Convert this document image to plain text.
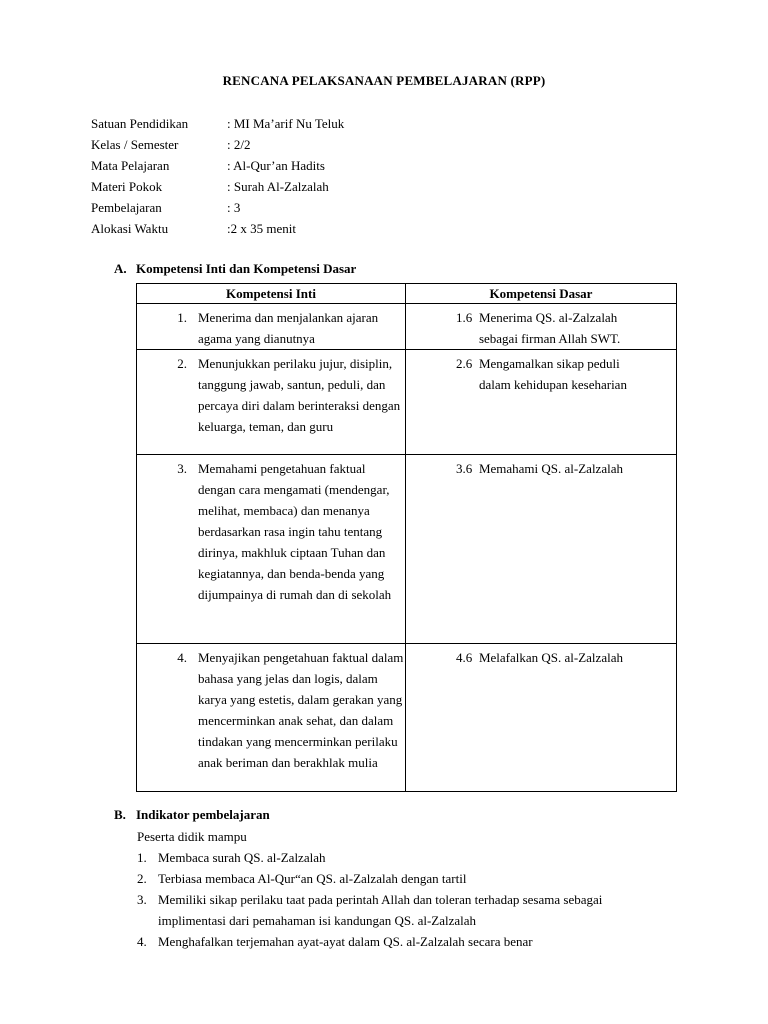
RENCANA PELAKSANAAN PEMBELAJARAN (RPP)
Satuan Pendidikan	: MI Ma’arif Nu Teluk
Kelas / Semester	: 2/2
Mata Pelajaran	: Al-Qur’an Hadits
Materi Pokok	: Surah Al-Zalzalah
Pembelajaran	: 3
Alokasi Waktu	:2 x 35 menit
A. Kompetensi Inti dan Kompetensi Dasar
Kompetensi Inti	Kompetensi Dasar

1. Menerima dan menjalankan ajaran agama yang dianutnya	1.6 Menerima QS. al-Zalzalah sebagai firman Allah SWT.

2. Menunjukkan perilaku jujur, disiplin, tanggung jawab, santun, peduli, dan percaya diri dalam berinteraksi dengan keluarga, teman, dan guru	2.6 Mengamalkan sikap peduli dalam kehidupan keseharian

3. Memahami pengetahuan faktual dengan cara mengamati (mendengar, melihat, membaca) dan menanya berdasarkan rasa ingin tahu tentang dirinya, makhluk ciptaan Tuhan dan kegiatannya, dan benda-benda yang dijumpainya di rumah dan di sekolah	3.6 Memahami QS. al-Zalzalah

4. Menyajikan pengetahuan faktual dalam bahasa yang jelas dan logis, dalam karya yang estetis, dalam gerakan yang mencerminkan anak sehat, dan dalam tindakan yang mencerminkan perilaku anak beriman dan berakhlak mulia	4.6 Melafalkan QS. al-Zalzalah
B. Indikator pembelajaran
Peserta didik mampu
1. Membaca surah QS. al-Zalzalah
2. Terbiasa membaca Al-Qur“an QS. al-Zalzalah dengan tartil
3. Memiliki sikap perilaku taat pada perintah Allah dan toleran terhadap sesama sebagai implimentasi dari pemahaman isi kandungan QS. al-Zalzalah
4. Menghafalkan terjemahan ayat-ayat dalam QS. al-Zalzalah secara benar
